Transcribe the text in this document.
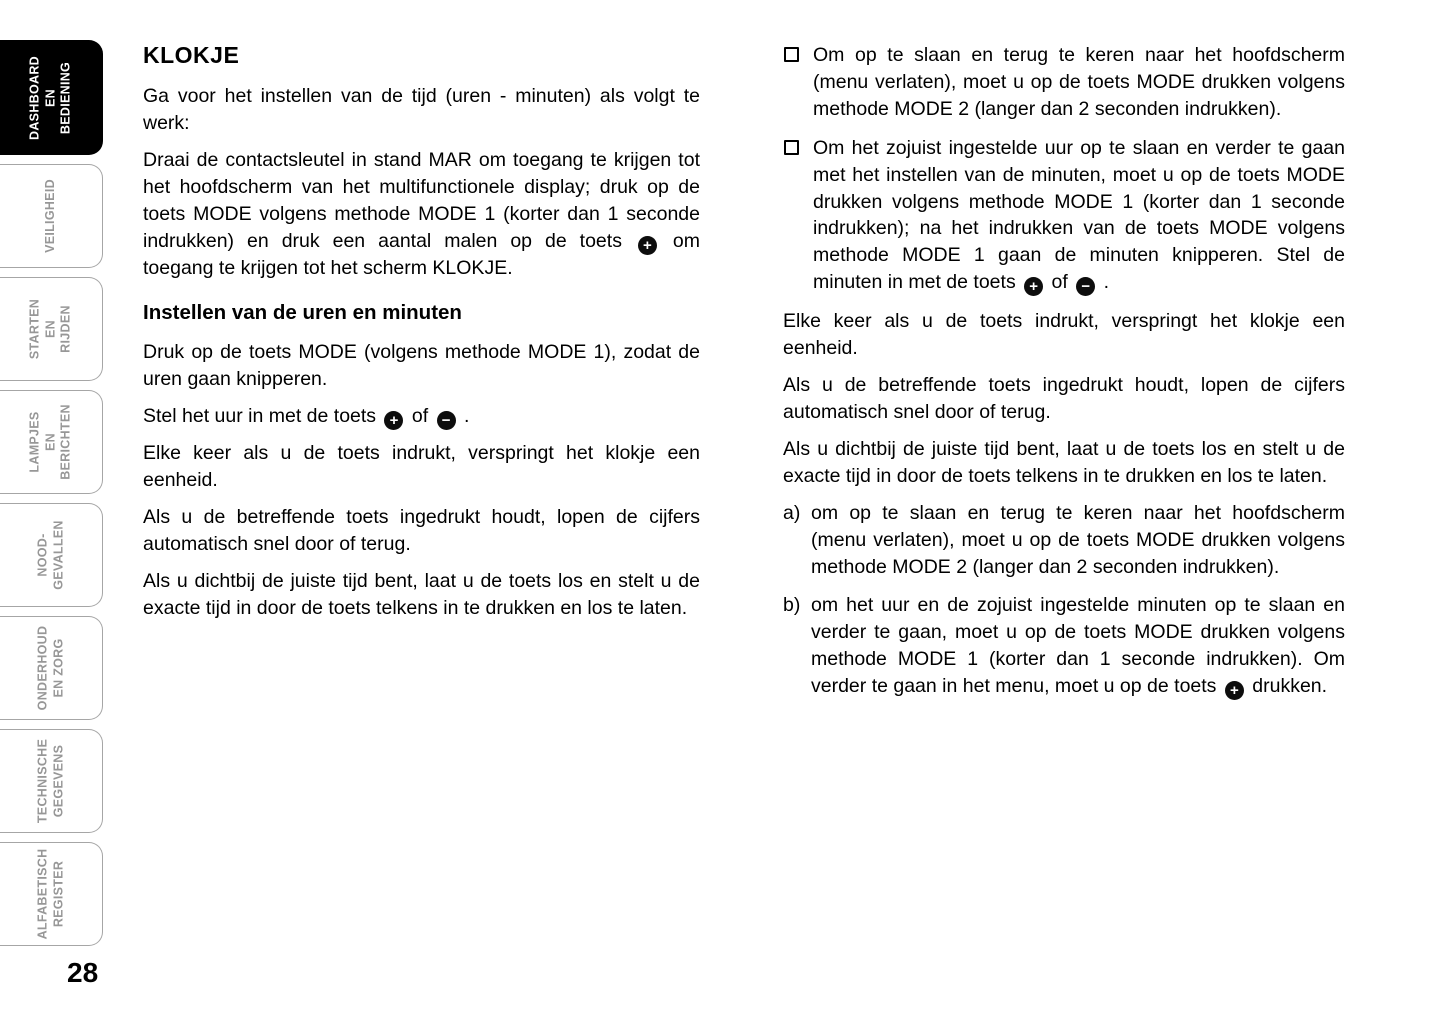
DASHBOARD
EN BEDIENING
VEILIGHEID
STARTEN
EN RIJDEN
LAMPJES
EN BERICHTEN
NOOD-
GEVALLEN
ONDERHOUD
EN ZORG
TECHNISCHE
GEGEVENS
ALFABETISCH
REGISTER
KLOKJE

Ga voor het instellen van de tijd (uren - minuten) als volgt te werk:

Draai de contactsleutel in stand MAR om toegang te krijgen tot het hoofdscherm van het multifunctionele display; druk op de toets MODE volgens methode MODE 1 (korter dan 1 seconde indrukken) en druk een aantal malen op de toets + om toegang te krijgen tot het scherm KLOKJE.

Instellen van de uren en minuten

Druk op de toets MODE (volgens methode MODE 1), zodat de uren gaan knipperen.

Stel het uur in met de toets + of − .

Elke keer als u de toets indrukt, verspringt het klokje een eenheid.

Als u de betreffende toets ingedrukt houdt, lopen de cijfers automatisch snel door of terug.

Als u dichtbij de juiste tijd bent, laat u de toets los en stelt u de exacte tijd in door de toets telkens in te drukken en los te laten.

Om op te slaan en terug te keren naar het hoofdscherm (menu verlaten), moet u op de toets MODE drukken volgens methode MODE 2 (langer dan 2 seconden indrukken).
Om het zojuist ingestelde uur op te slaan en verder te gaan met het instellen van de minuten, moet u op de toets MODE drukken volgens methode MODE 1 (korter dan 1 seconde indrukken); na het indrukken van de toets MODE volgens methode MODE 1 gaan de minuten knipperen. Stel de minuten in met de toets + of − .

Elke keer als u de toets indrukt, verspringt het klokje een eenheid.

Als u de betreffende toets ingedrukt houdt, lopen de cijfers automatisch snel door of terug.

Als u dichtbij de juiste tijd bent, laat u de toets los en stelt u de exacte tijd in door de toets telkens in te drukken en los te laten.

a) om op te slaan en terug te keren naar het hoofdscherm (menu verlaten), moet u op de toets MODE drukken volgens methode MODE 2 (langer dan 2 seconden indrukken).
b) om het uur en de zojuist ingestelde minuten op te slaan en verder te gaan, moet u op de toets MODE drukken volgens methode MODE 1 (korter dan 1 seconde indrukken). Om verder te gaan in het menu, moet u op de toets + drukken.
28
